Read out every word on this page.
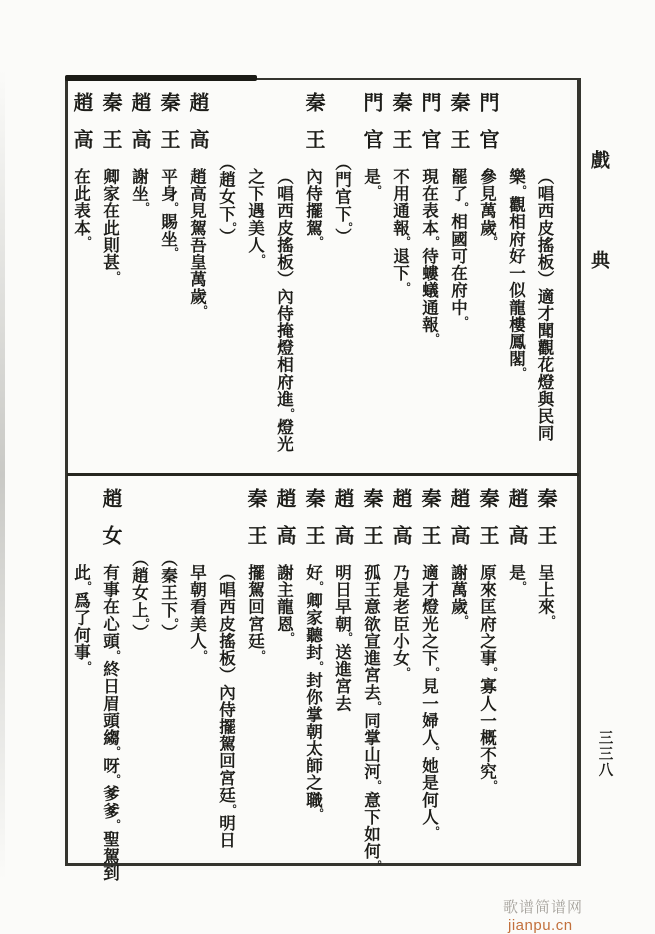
戲典
三三八
（唱西皮搖板）適才聞觀花燈與民同
樂。觀相府好一似龍樓鳳閣。
門官
參見萬歲。
秦王
罷了。相國可在府中。
門官
現在表本。待螻蟻通報。
秦王
不用通報。退下。
門官
是。
（門官下。）
秦王
內侍擺駕。
（唱西皮搖板）內侍掩燈相府進。燈光
之下遇美人。
（趙女下。）
趙高
趙高見駕吾皇萬歲。
秦王
平身。賜坐。
趙高
謝坐。
秦王
卿家在此則甚。
趙高
在此表本。
秦王
呈上來。
趙高
是。
秦王
原來匡府之事。寡人一概不究。
趙高
謝萬歲。
秦王
適才燈光之下。見一婦人。她是何人。
趙高
乃是老臣小女。
秦王
孤王意欲宣進宮去。同掌山河。意下如何。
趙高
明日早朝。送進宮去
秦王
好。卿家聽封。封你掌朝太師之職。
趙高
謝主龍恩。
秦王
擺駕回宮廷。
（唱西皮搖板）內侍擺駕回宮廷。明日
早朝看美人。
（秦王下。）
（趙女上。）
趙女
有事在心頭。終日眉頭縐。呀。爹爹。聖駕到
此。爲了何事。
歌谱简谱网 jianpu.cn
